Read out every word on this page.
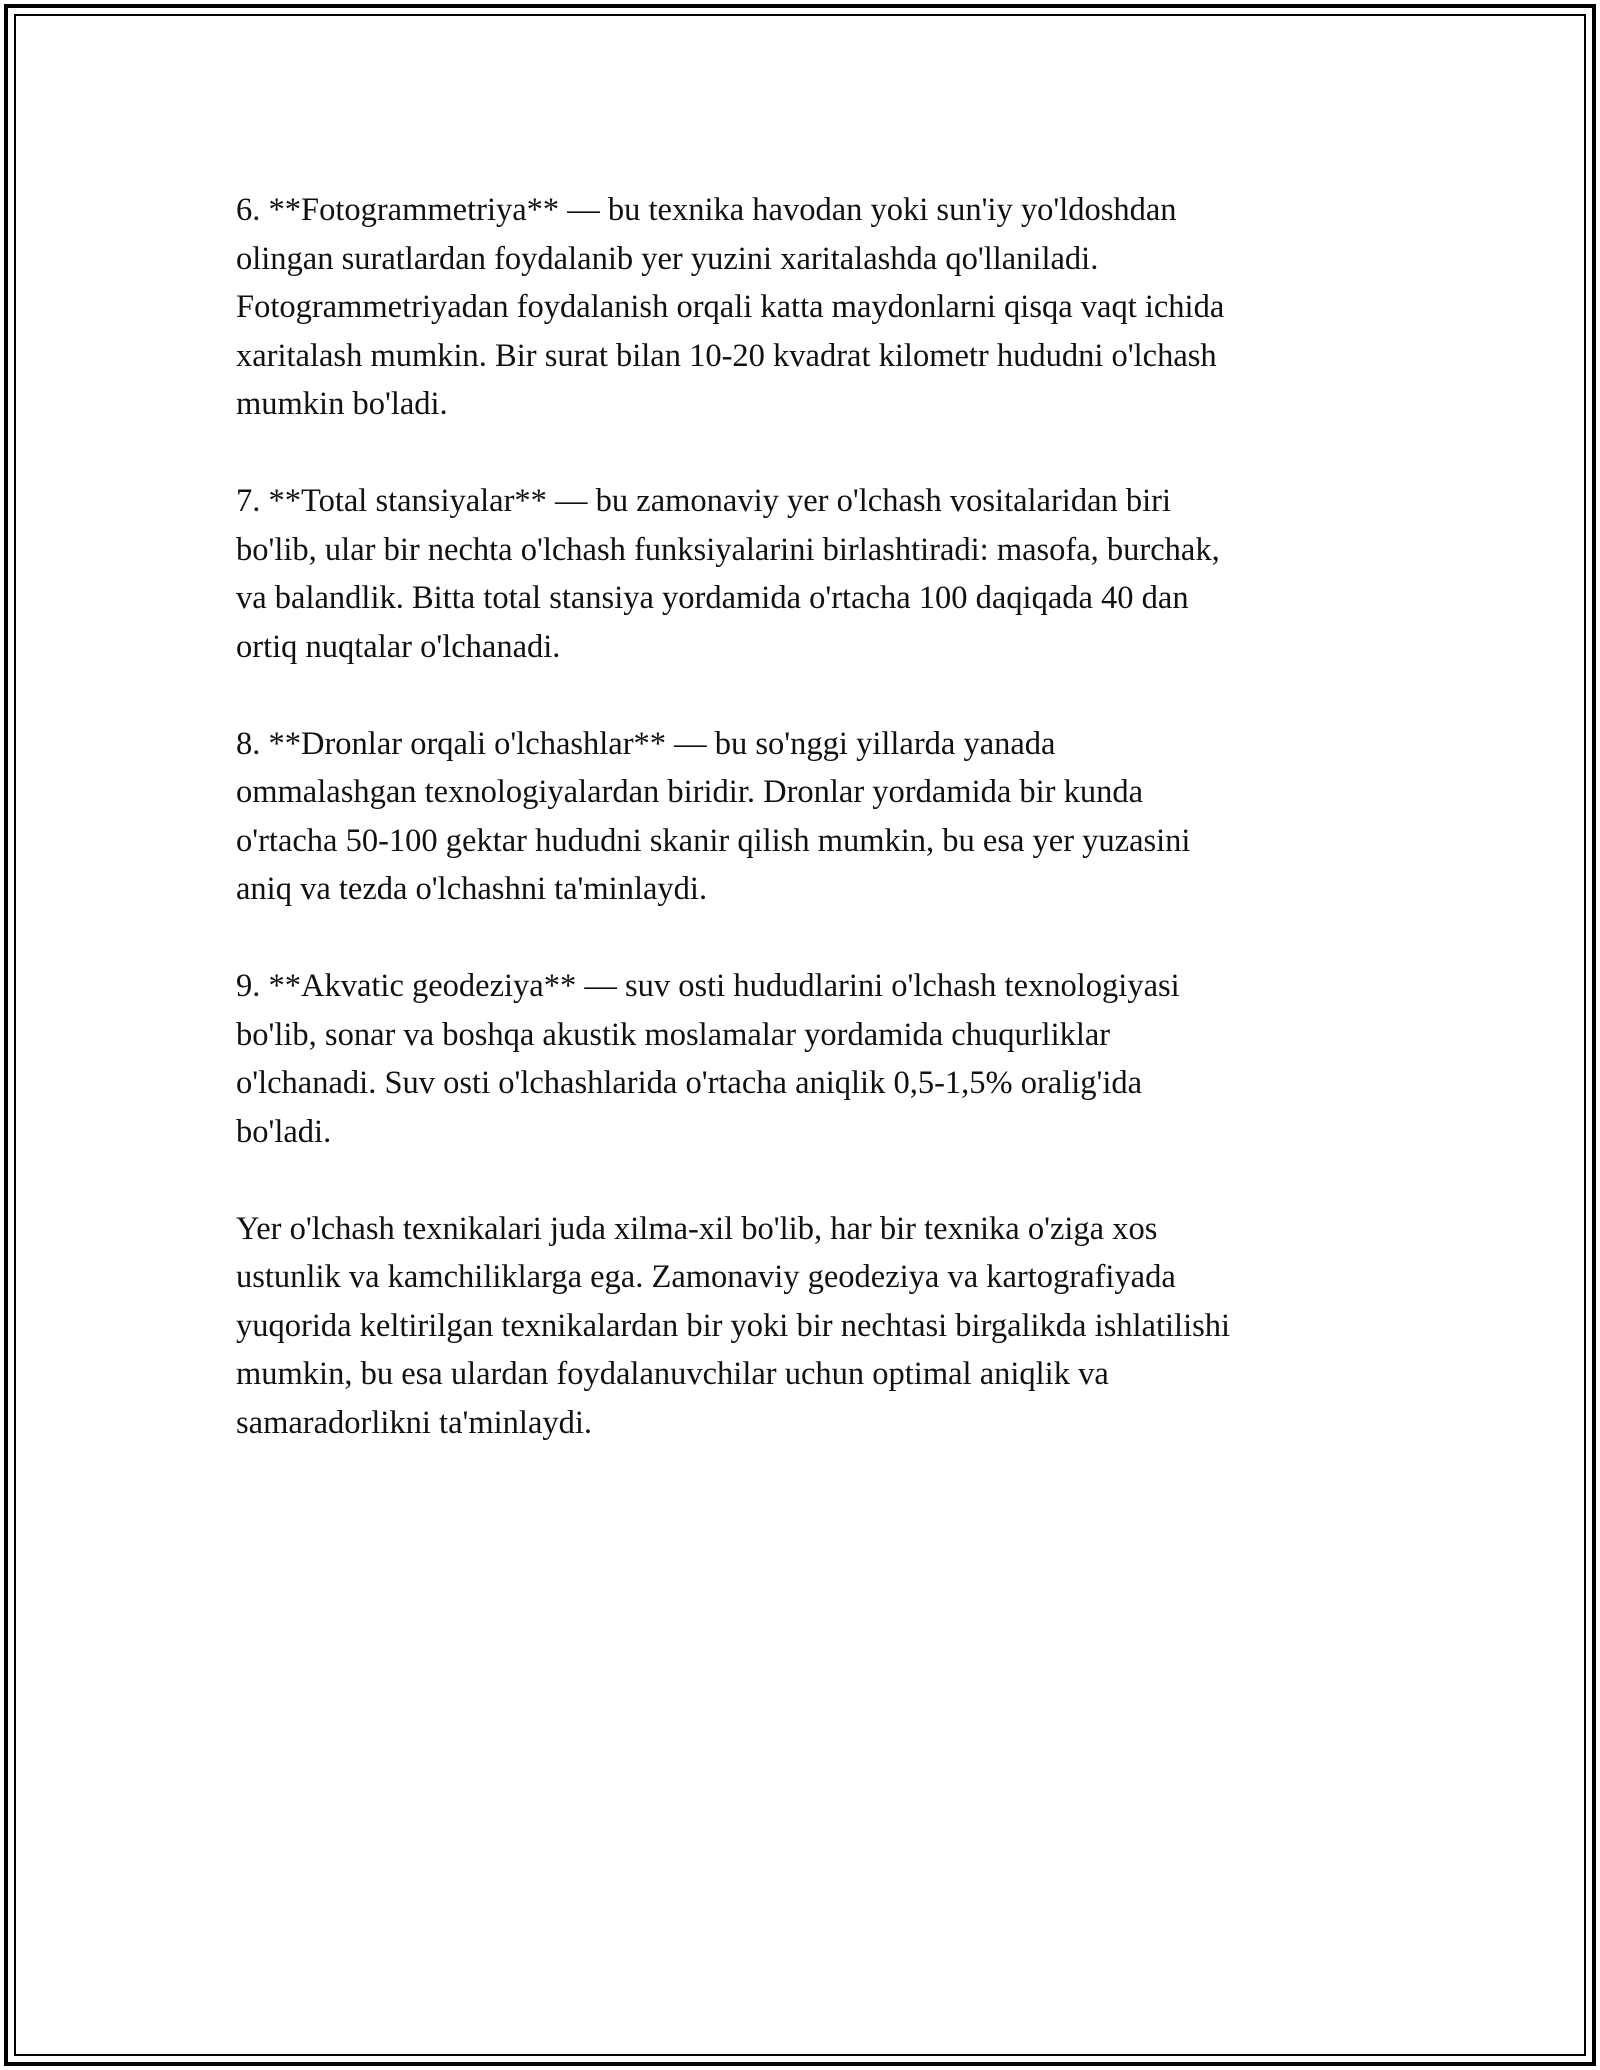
6. **Fotogrammetriya** — bu texnika havodan yoki sun'iy yo'ldoshdan
olingan suratlardan foydalanib yer yuzini xaritalashda qo'llaniladi.
Fotogrammetriyadan foydalanish orqali katta maydonlarni qisqa vaqt ichida
xaritalash mumkin. Bir surat bilan 10-20 kvadrat kilometr hududni o'lchash
mumkin bo'ladi.

7. **Total stansiyalar** — bu zamonaviy yer o'lchash vositalaridan biri
bo'lib, ular bir nechta o'lchash funksiyalarini birlashtiradi: masofa, burchak,
va balandlik. Bitta total stansiya yordamida o'rtacha 100 daqiqada 40 dan
ortiq nuqtalar o'lchanadi.

8. **Dronlar orqali o'lchashlar** — bu so'nggi yillarda yanada
ommalashgan texnologiyalardan biridir. Dronlar yordamida bir kunda
o'rtacha 50-100 gektar hududni skanir qilish mumkin, bu esa yer yuzasini
aniq va tezda o'lchashni ta'minlaydi.

9. **Akvatic geodeziya** — suv osti hududlarini o'lchash texnologiyasi
bo'lib, sonar va boshqa akustik moslamalar yordamida chuqurliklar
o'lchanadi. Suv osti o'lchashlarida o'rtacha aniqlik 0,5-1,5% oralig'ida
bo'ladi.

Yer o'lchash texnikalari juda xilma-xil bo'lib, har bir texnika o'ziga xos
ustunlik va kamchiliklarga ega. Zamonaviy geodeziya va kartografiyada
yuqorida keltirilgan texnikalardan bir yoki bir nechtasi birgalikda ishlatilishi
mumkin, bu esa ulardan foydalanuvchilar uchun optimal aniqlik va
samaradorlikni ta'minlaydi.
